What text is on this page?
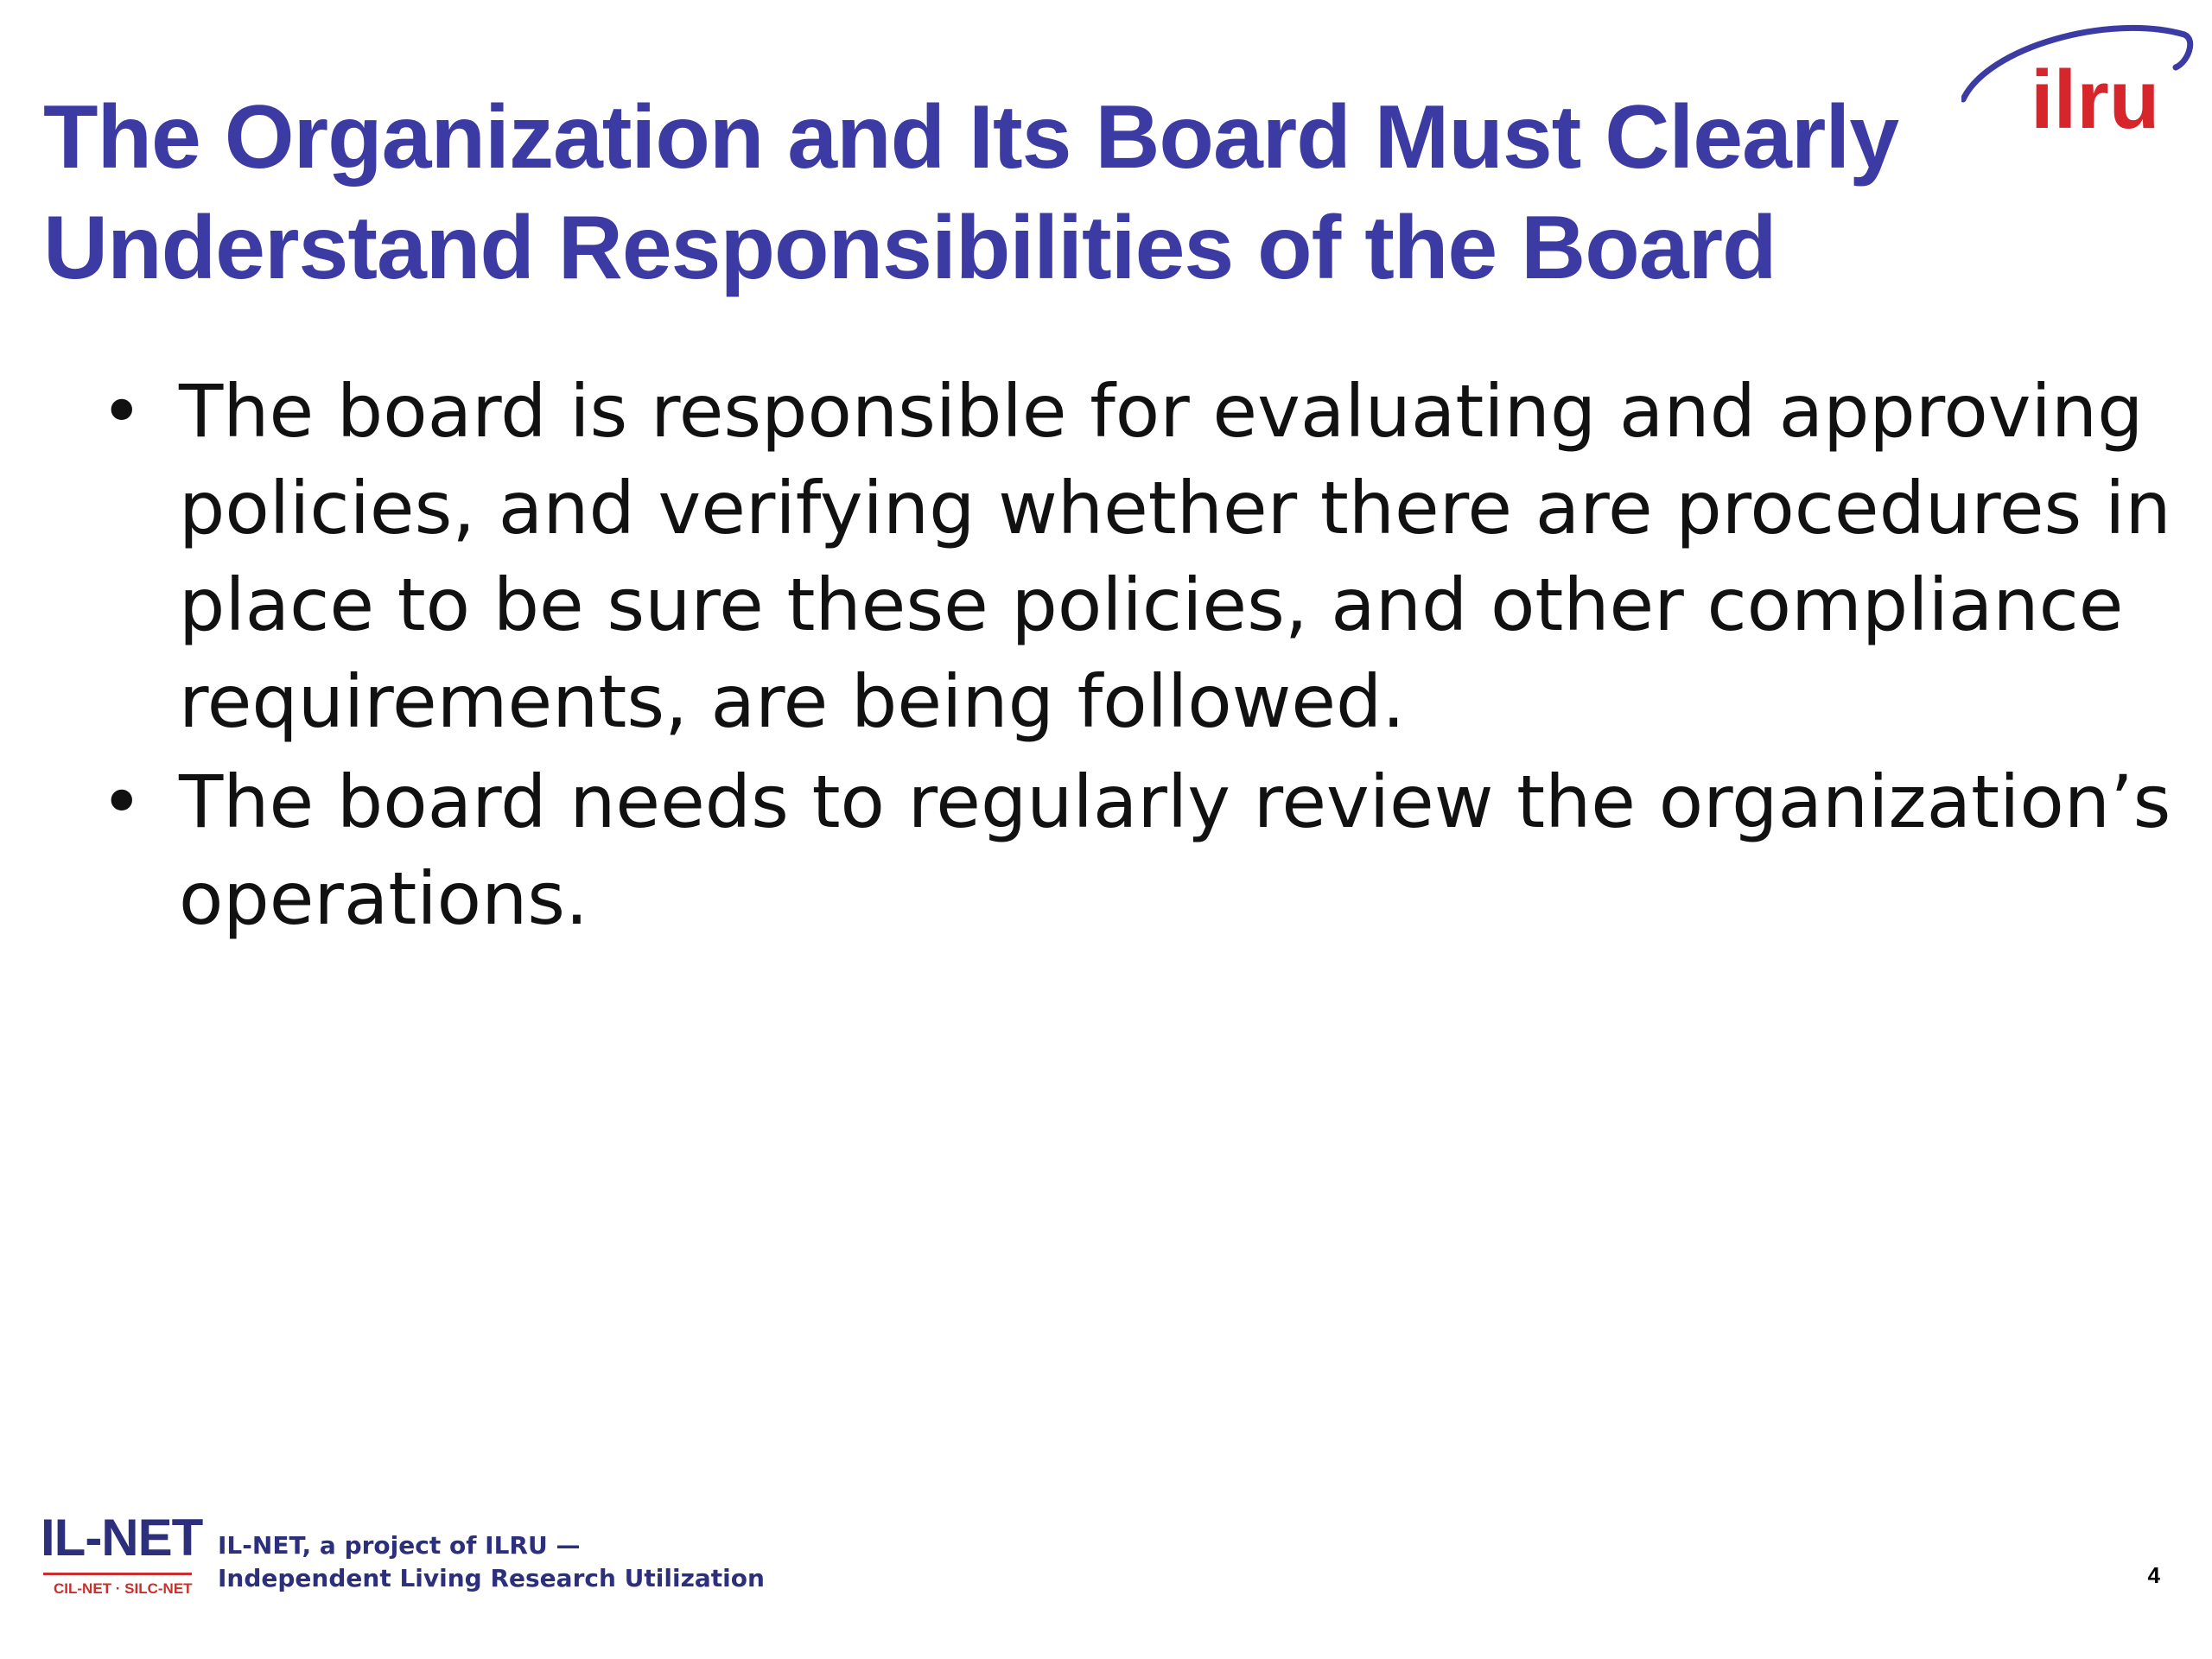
The Organization and Its Board Must Clearly
Understand Responsibilities of the Board
ilru
• The board is responsible for evaluating and approving
policies, and verifying whether there are procedures in
place to be sure these policies, and other compliance
requirements, are being followed.
• The board needs to regularly review the organization’s
operations.
IL-NET
CIL-NET · SILC-NET
IL-NET, a project of ILRU —
Independent Living Research Utilization	4
